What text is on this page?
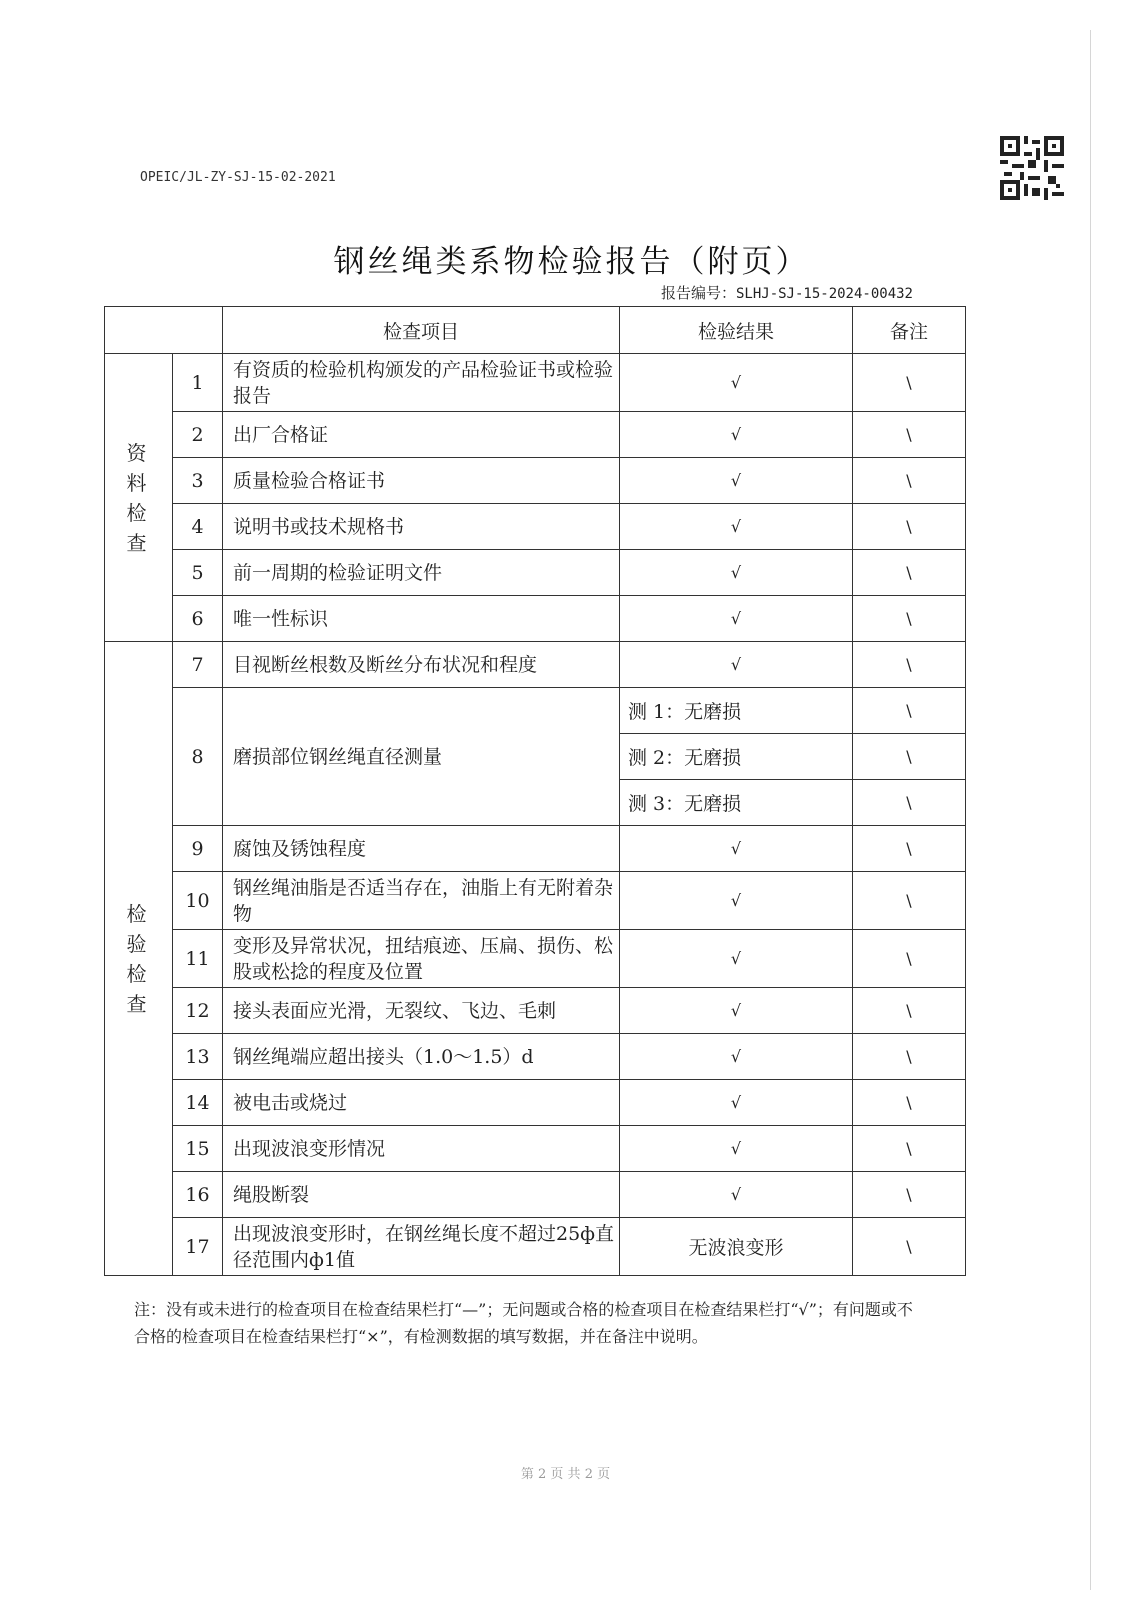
OPEIC/JL-ZY-SJ-15-02-2021
钢丝绳类系物检验报告（附页）
报告编号：SLHJ-SJ-15-2024-00432
		检查项目	检验结果	备注
资料检查	1	有资质的检验机构颁发的产品检验证书或检验报告	√	\
	2	出厂合格证	√	\
	3	质量检验合格证书	√	\
	4	说明书或技术规格书	√	\
	5	前一周期的检验证明文件	√	\
	6	唯一性标识	√	\
检验检查	7	目视断丝根数及断丝分布状况和程度	√	\
	8	磨损部位钢丝绳直径测量	测 1：无磨损	\
			测 2：无磨损	\
			测 3：无磨损	\
	9	腐蚀及锈蚀程度	√	\
	10	钢丝绳油脂是否适当存在，油脂上有无附着杂物	√	\
	11	变形及异常状况，扭结痕迹、压扁、损伤、松股或松捻的程度及位置	√	\
	12	接头表面应光滑，无裂纹、飞边、毛刺	√	\
	13	钢丝绳端应超出接头（1.0～1.5）d	√	\
	14	被电击或烧过	√	\
	15	出现波浪变形情况	√	\
	16	绳股断裂	√	\
	17	出现波浪变形时，在钢丝绳长度不超过25ф直径范围内ф1值	无波浪变形	\
注：没有或未进行的检查项目在检查结果栏打“—”；无问题或合格的检查项目在检查结果栏打“√”；有问题或不合格的检查项目在检查结果栏打“×”，有检测数据的填写数据，并在备注中说明。
第 2 页 共 2 页
